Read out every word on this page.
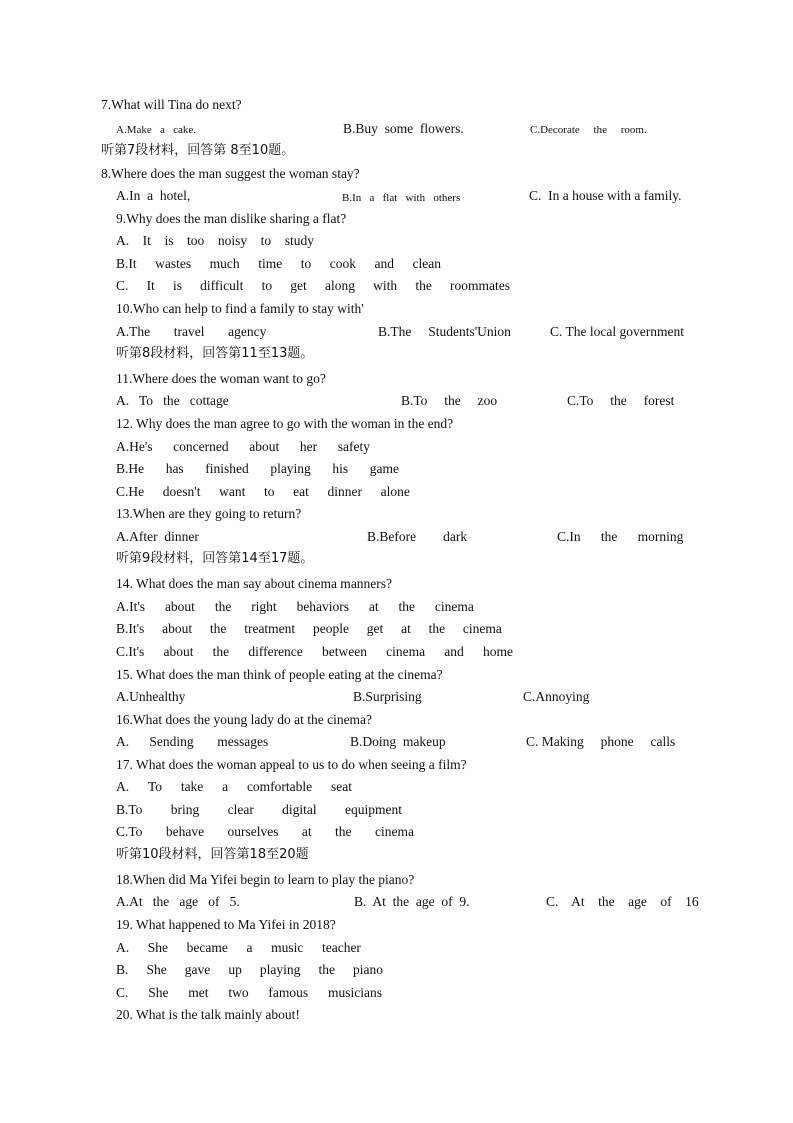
7.What will Tina do next?
A.Make   a   cake.	B.Buy  some  flowers.	C.Decorate     the     room.
听第7段材料，回答第 8至10题。
8.Where does the man suggest the woman stay?
A.In  a  hotel,	B.In   a   flat   with   others	C.  In a house with a family.
9.Why does the man dislike sharing a flat?
A. It is too noisy to study
B.It wastes much time to cook and clean
C. It is difficult to get along with the roommates
10.Who can help to find a family to stay with'
A.The       travel       agency	B.The     Students'Union	C. The local government
听第8段材料，回答第11至13题。
11.Where does the woman want to go?
A.   To   the   cottage	B.To     the     zoo	C.To     the     forest
12. Why does the man agree to go with the woman in the end?
A.He's concerned about her safety
B.He has finished playing his game
C.He doesn't want to eat dinner alone
13.When are they going to return?
A.After  dinner	B.Before        dark	C.In      the      morning
听第9段材料，回答第14至17题。
14. What does the man say about cinema manners?
A.It's about the right behaviors at the cinema
B.It's about the treatment people get at the cinema
C.It's about the difference between cinema and home
15. What does the man think of people eating at the cinema?
A.Unhealthy	B.Surprising	C.Annoying
16.What does the young lady do at the cinema?
A.      Sending       messages	B.Doing  makeup	C. Making     phone     calls
17. What does the woman appeal to us to do when seeing a film?
A. To take a comfortable seat
B.To bring clear digital equipment
C.To behave ourselves at the cinema
听第10段材料，回答第18至20题
18.When did Ma Yifei begin to learn to play the piano?
A.At   the   age   of   5.	B.  At  the  age  of  9.	C.    At    the    age    of    16
19. What happened to Ma Yifei in 2018?
A. She became a music teacher
B. She gave up playing the piano
C. She met two famous musicians
20. What is the talk mainly about!
